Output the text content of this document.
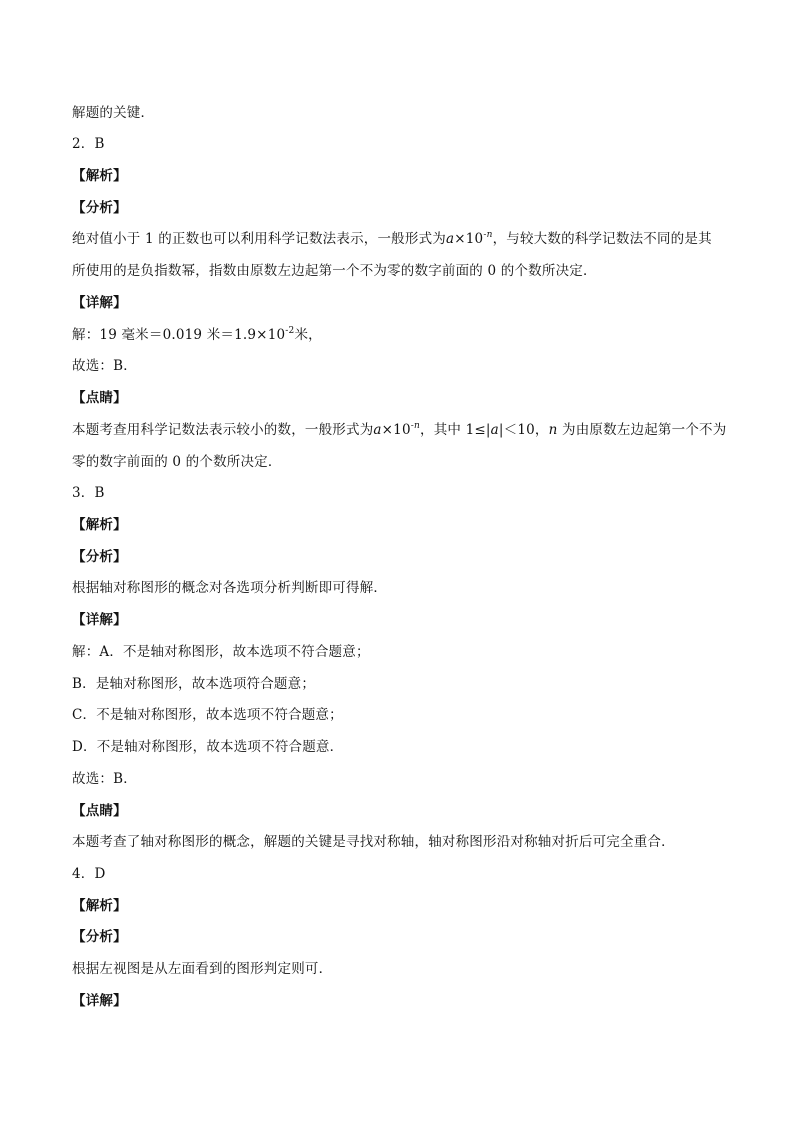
解题的关键．
2．B
【解析】
【分析】
绝对值小于 1 的正数也可以利用科学记数法表示，一般形式为$a\times 10^{-n}$，与较大数的科学记数法不同的是其
所使用的是负指数幂，指数由原数左边起第一个不为零的数字前面的 0 的个数所决定．
【详解】
解：19 毫米＝0.019 米$=1.9\times 10^{-2}$米，
故选：B．
【点睛】
本题考查用科学记数法表示较小的数，一般形式为$a\times 10^{-n}$，其中 1≤|a|＜10，n 为由原数左边起第一个不为
零的数字前面的 0 的个数所决定．
3．B
【解析】
【分析】
根据轴对称图形的概念对各选项分析判断即可得解．
【详解】
解：A．不是轴对称图形，故本选项不符合题意；
B．是轴对称图形，故本选项符合题意；
C．不是轴对称图形，故本选项不符合题意；
D．不是轴对称图形，故本选项不符合题意．
故选：B．
【点睛】
本题考查了轴对称图形的概念，解题的关键是寻找对称轴，轴对称图形沿对称轴对折后可完全重合．
4．D
【解析】
【分析】
根据左视图是从左面看到的图形判定则可．
【详解】
